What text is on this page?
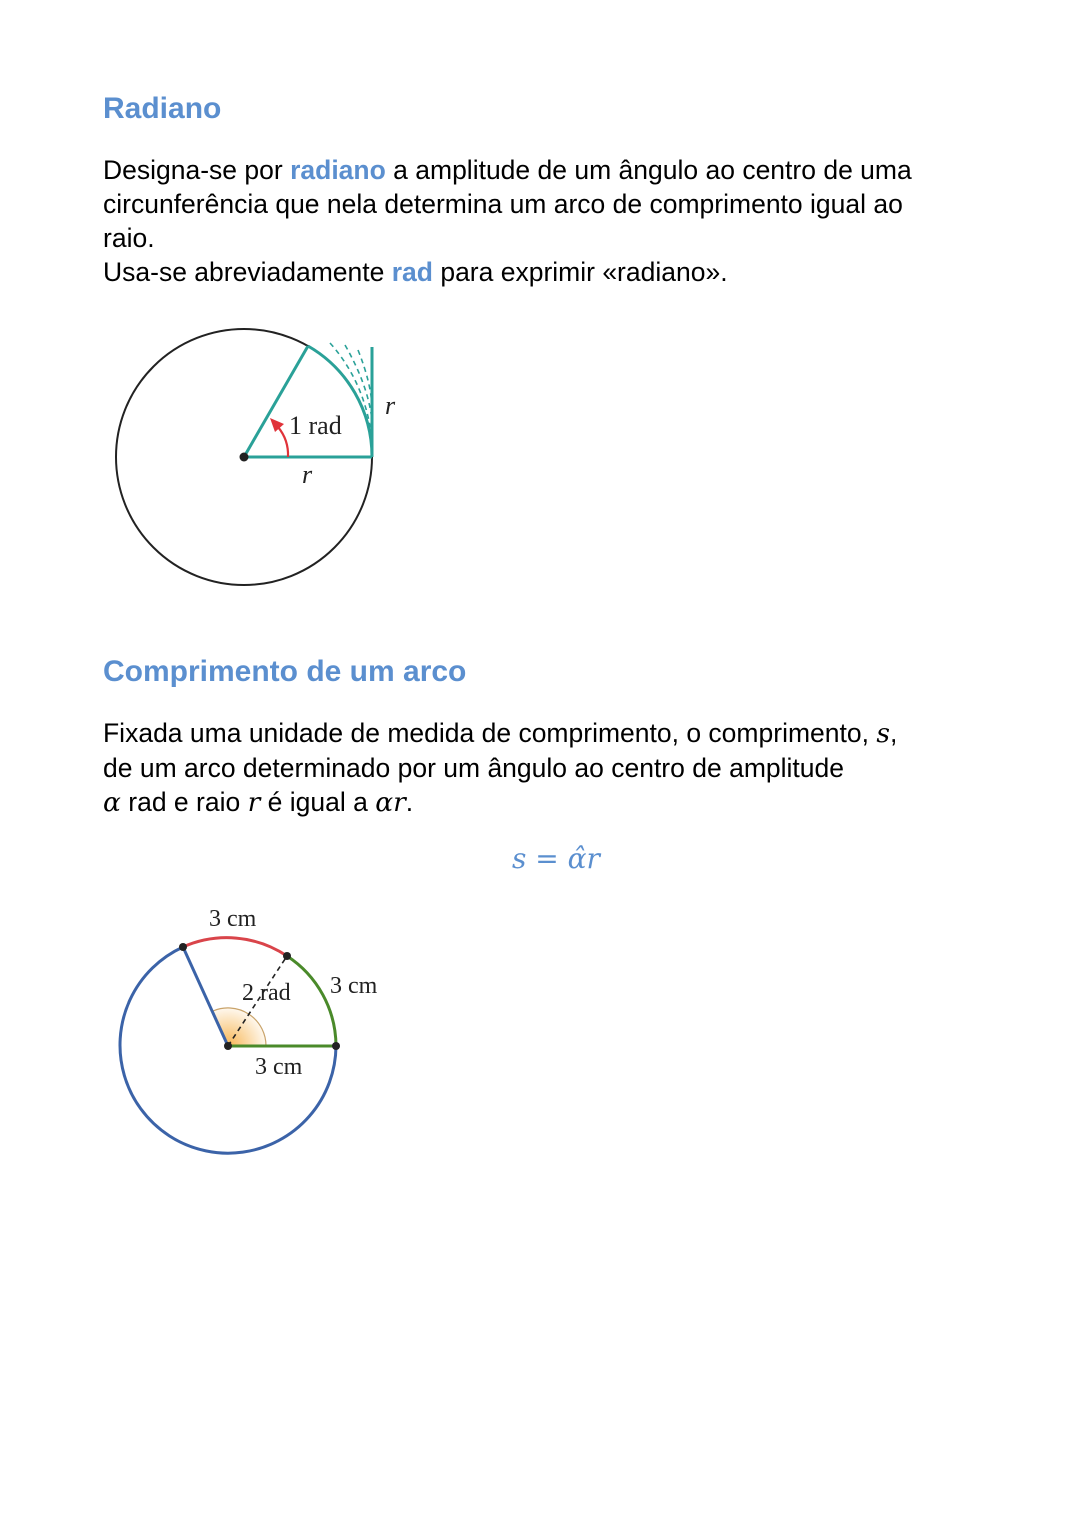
Radiano

Designa-se por radiano a amplitude de um ângulo ao centro de uma
circunferência que nela determina um arco de comprimento igual ao
raio.
Usa-se abreviadamente rad para exprimir «radiano».

1 rad
r
r
Comprimento de um arco

Fixada uma unidade de medida de comprimento, o comprimento, s,
de um arco determinado por um ângulo ao centro de amplitude
α rad e raio r é igual a αr.

s = α̂r
3 cm
3 cm
2 rad
3 cm
